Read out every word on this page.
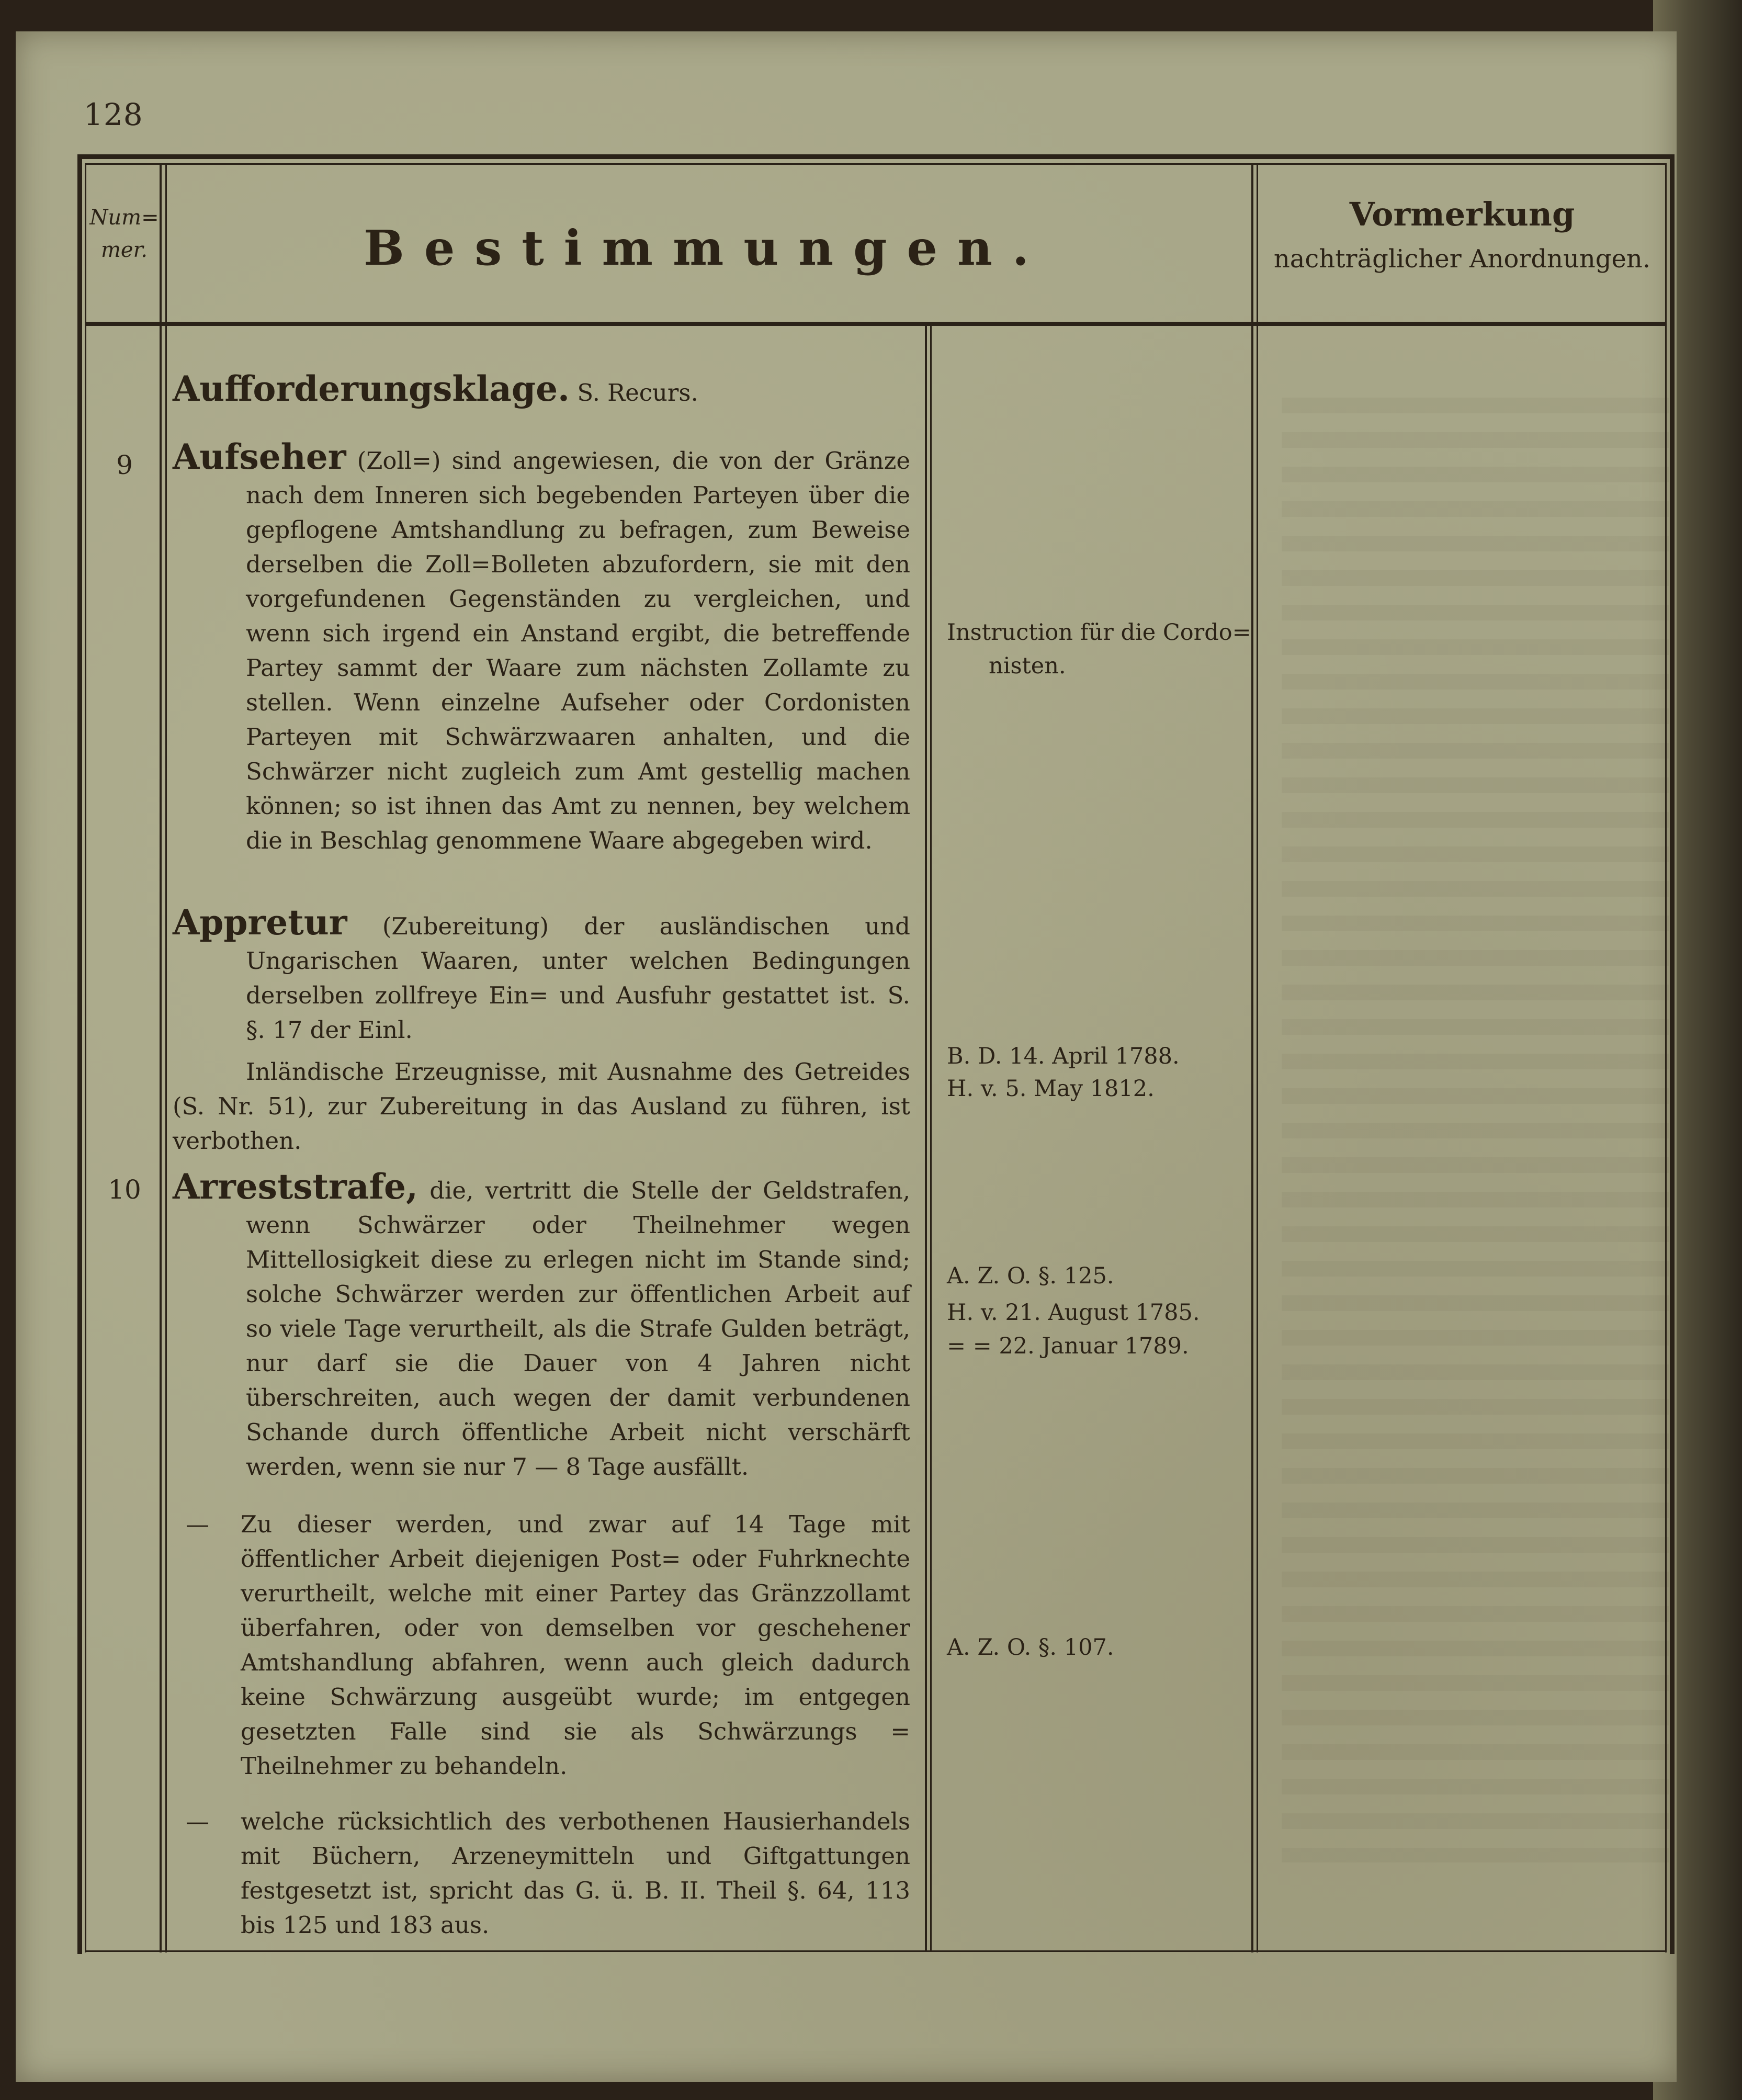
128
Num=
mer.	Bestimmungen.
Vormerkung
nachträglicher Anordnungen.
Aufforderungsklage. S. Recurs.
9	Aufseher (Zoll=) sind angewiesen, die von der Gränze nach dem Inneren sich begebenden Parteyen über die gepflogene Amtshandlung zu befragen, zum Beweise derselben die Zoll=Bolleten abzufordern, sie mit den vorgefundenen Gegenständen zu vergleichen, und wenn sich irgend ein Anstand ergibt, die betreffende Partey sammt der Waare zum nächsten Zollamte zu stellen. Wenn einzelne Aufseher oder Cordonisten Parteyen mit Schwärzwaaren anhalten, und die Schwärzer nicht zugleich zum Amt gestellig machen können; so ist ihnen das Amt zu nennen, bey welchem die in Beschlag genommene Waare abgegeben wird.
Instruction für die Cordo=
nisten.
Appretur (Zubereitung) der ausländischen und Ungarischen Waaren, unter welchen Bedingungen derselben zollfreye Ein= und Ausfuhr gestattet ist. S. §. 17 der Einl.
Inländische Erzeugnisse, mit Ausnahme des Getreides (S. Nr. 51), zur Zubereitung in das Ausland zu führen, ist verbothen.
B. D. 14. April 1788.
H. v. 5. May 1812.
10 Arreststrafe, die, vertritt die Stelle der Geldstrafen, wenn Schwärzer oder Theilnehmer wegen Mittellosigkeit diese zu erlegen nicht im Stande sind; solche Schwärzer werden zur öffentlichen Arbeit auf so viele Tage verurtheilt, als die Strafe Gulden beträgt, nur darf sie die Dauer von 4 Jahren nicht überschreiten, auch wegen der damit verbundenen Schande durch öffentliche Arbeit nicht verschärft werden, wenn sie nur 7 — 8 Tage ausfällt.
— Zu dieser werden, und zwar auf 14 Tage mit öffentlicher Arbeit diejenigen Post= oder Fuhrknechte verurtheilt, welche mit einer Partey das Gränzzollamt überfahren, oder von demselben vor geschehener Amtshandlung abfahren, wenn auch gleich dadurch keine Schwärzung ausgeübt wurde; im entgegen gesetzten Falle sind sie als Schwärzungs = Theilnehmer zu behandeln.
— welche rücksichtlich des verbothenen Hausierhandels mit Büchern, Arzeneymitteln und Giftgattungen festgesetzt ist, spricht das G. ü. B. II. Theil §. 64, 113 bis 125 und 183 aus.
A. Z. O. §. 125.
H. v. 21. August 1785.
= = 22. Januar 1789.
A. Z. O. §. 107.
